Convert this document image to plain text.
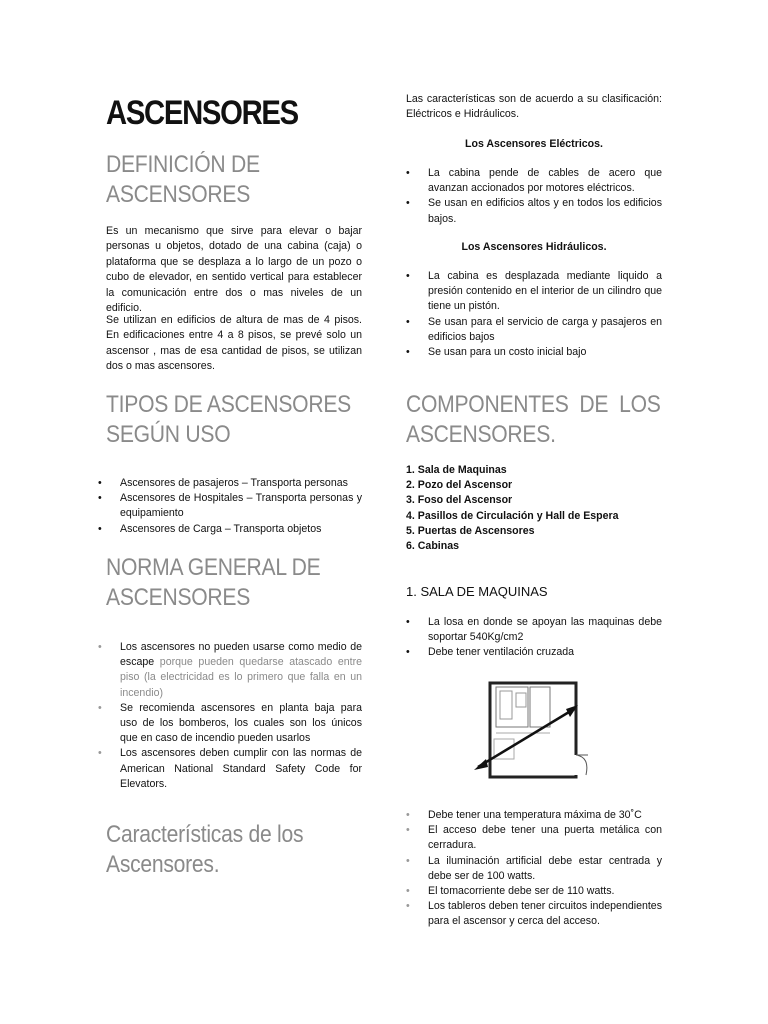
ASCENSORES
DEFINICIÓN DE
ASCENSORES

Es un mecanismo que sirve para elevar o bajar personas u objetos, dotado de una cabina (caja) o plataforma que se desplaza a lo largo de un pozo o cubo de elevador, en sentido vertical para establecer la comunicación entre dos o mas niveles de un edificio.

Se utilizan en edificios de altura de mas de 4 pisos. En edificaciones entre 4 a 8 pisos, se prevé solo un ascensor , mas de esa cantidad de pisos, se utilizan dos o mas ascensores.

TIPOS DE ASCENSORES
SEGÚN USO
• Ascensores de pasajeros – Transporta personas
• Ascensores de Hospitales – Transporta personas y equipamiento
• Ascensores de Carga – Transporta objetos
NORMA GENERAL DE
ASCENSORES
• Los ascensores no pueden usarse como medio de escape porque pueden quedarse atascado entre piso (la electricidad es lo primero que falla en un incendio)
• Se recomienda ascensores en planta baja para uso de los bomberos, los cuales son los únicos que en caso de incendio pueden usarlos
• Los ascensores deben cumplir con las normas de American National Standard Safety Code for Elevators.
Características de los
Ascensores.

Las características son de acuerdo a su clasificación: Eléctricos e Hidráulicos.

Los Ascensores Eléctricos.

• La cabina pende de cables de acero que avanzan accionados por motores eléctricos.
• Se usan en edificios altos y en todos los edificios bajos.

Los Ascensores Hidráulicos.

• La cabina es desplazada mediante liquido a presión contenido en el interior de un cilindro que tiene un pistón.
• Se usan para el servicio de carga y pasajeros en edificios bajos
• Se usan para un costo inicial bajo
COMPONENTES DE LOS
ASCENSORES.
1. Sala de Maquinas
2. Pozo del Ascensor
3. Foso del Ascensor
4. Pasillos de Circulación y Hall de Espera
5. Puertas de Ascensores
6. Cabinas

1. SALA DE MAQUINAS

• La losa en donde se apoyan las maquinas debe soportar 540Kg/cm2
• Debe tener ventilación cruzada
• Debe tener una temperatura máxima de 30˚C
• El acceso debe tener una puerta metálica con cerradura.
• La iluminación artificial debe estar centrada y debe ser de 100 watts.
• El tomacorriente debe ser de 110 watts.
• Los tableros deben tener circuitos independientes para el ascensor y cerca del acceso.
